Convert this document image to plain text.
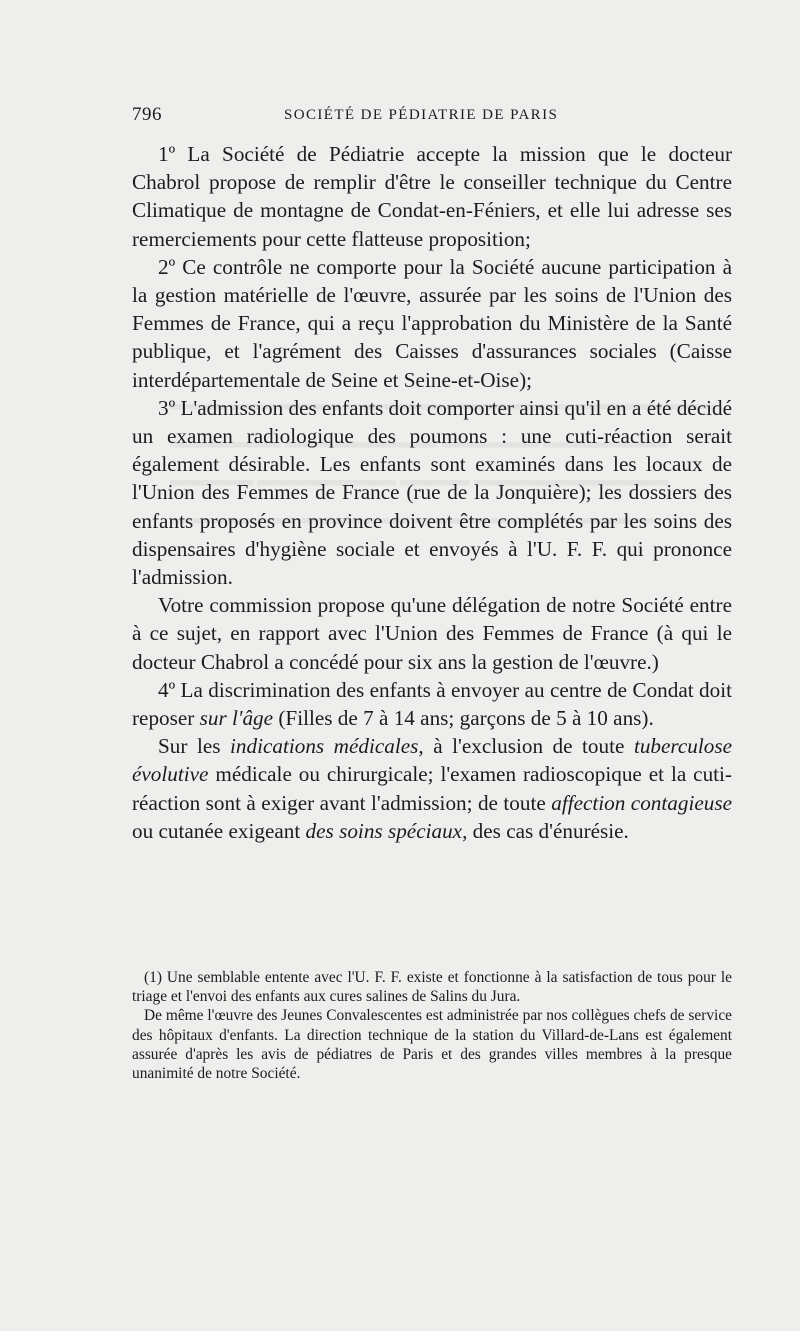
796	SOCIÉTÉ DE PÉDIATRIE DE PARIS

1º La Société de Pédiatrie accepte la mission que le docteur Chabrol propose de remplir d'être le conseiller technique du Centre Climatique de montagne de Condat-en-Féniers, et elle lui adresse ses remerciements pour cette flatteuse proposition;

2º Ce contrôle ne comporte pour la Société aucune participation à la gestion matérielle de l'œuvre, assurée par les soins de l'Union des Femmes de France, qui a reçu l'approbation du Ministère de la Santé publique, et l'agrément des Caisses d'assurances sociales (Caisse interdépartementale de Seine et Seine-et-Oise);

3º L'admission des enfants doit comporter ainsi qu'il en a été décidé un examen radiologique des poumons : une cuti-réaction serait également désirable. Les enfants sont examinés dans les locaux de l'Union des Femmes de France (rue de la Jonquière); les dossiers des enfants proposés en province doivent être complétés par les soins des dispensaires d'hygiène sociale et envoyés à l'U. F. F. qui prononce l'admission.

Votre commission propose qu'une délégation de notre Société entre à ce sujet, en rapport avec l'Union des Femmes de France (à qui le docteur Chabrol a concédé pour six ans la gestion de l'œuvre.)

4º La discrimination des enfants à envoyer au centre de Condat doit reposer sur l'âge (Filles de 7 à 14 ans; garçons de 5 à 10 ans).

Sur les indications médicales, à l'exclusion de toute tuberculose évolutive médicale ou chirurgicale; l'examen radioscopique et la cuti-réaction sont à exiger avant l'admission; de toute affection contagieuse ou cutanée exigeant des soins spéciaux, des cas d'énurésie.

(1) Une semblable entente avec l'U. F. F. existe et fonctionne à la satisfaction de tous pour le triage et l'envoi des enfants aux cures salines de Salins du Jura.

De même l'œuvre des Jeunes Convalescentes est administrée par nos collègues chefs de service des hôpitaux d'enfants. La direction technique de la station du Villard-de-Lans est également assurée d'après les avis de pédiatres de Paris et des grandes villes membres à la presque unanimité de notre Société.
